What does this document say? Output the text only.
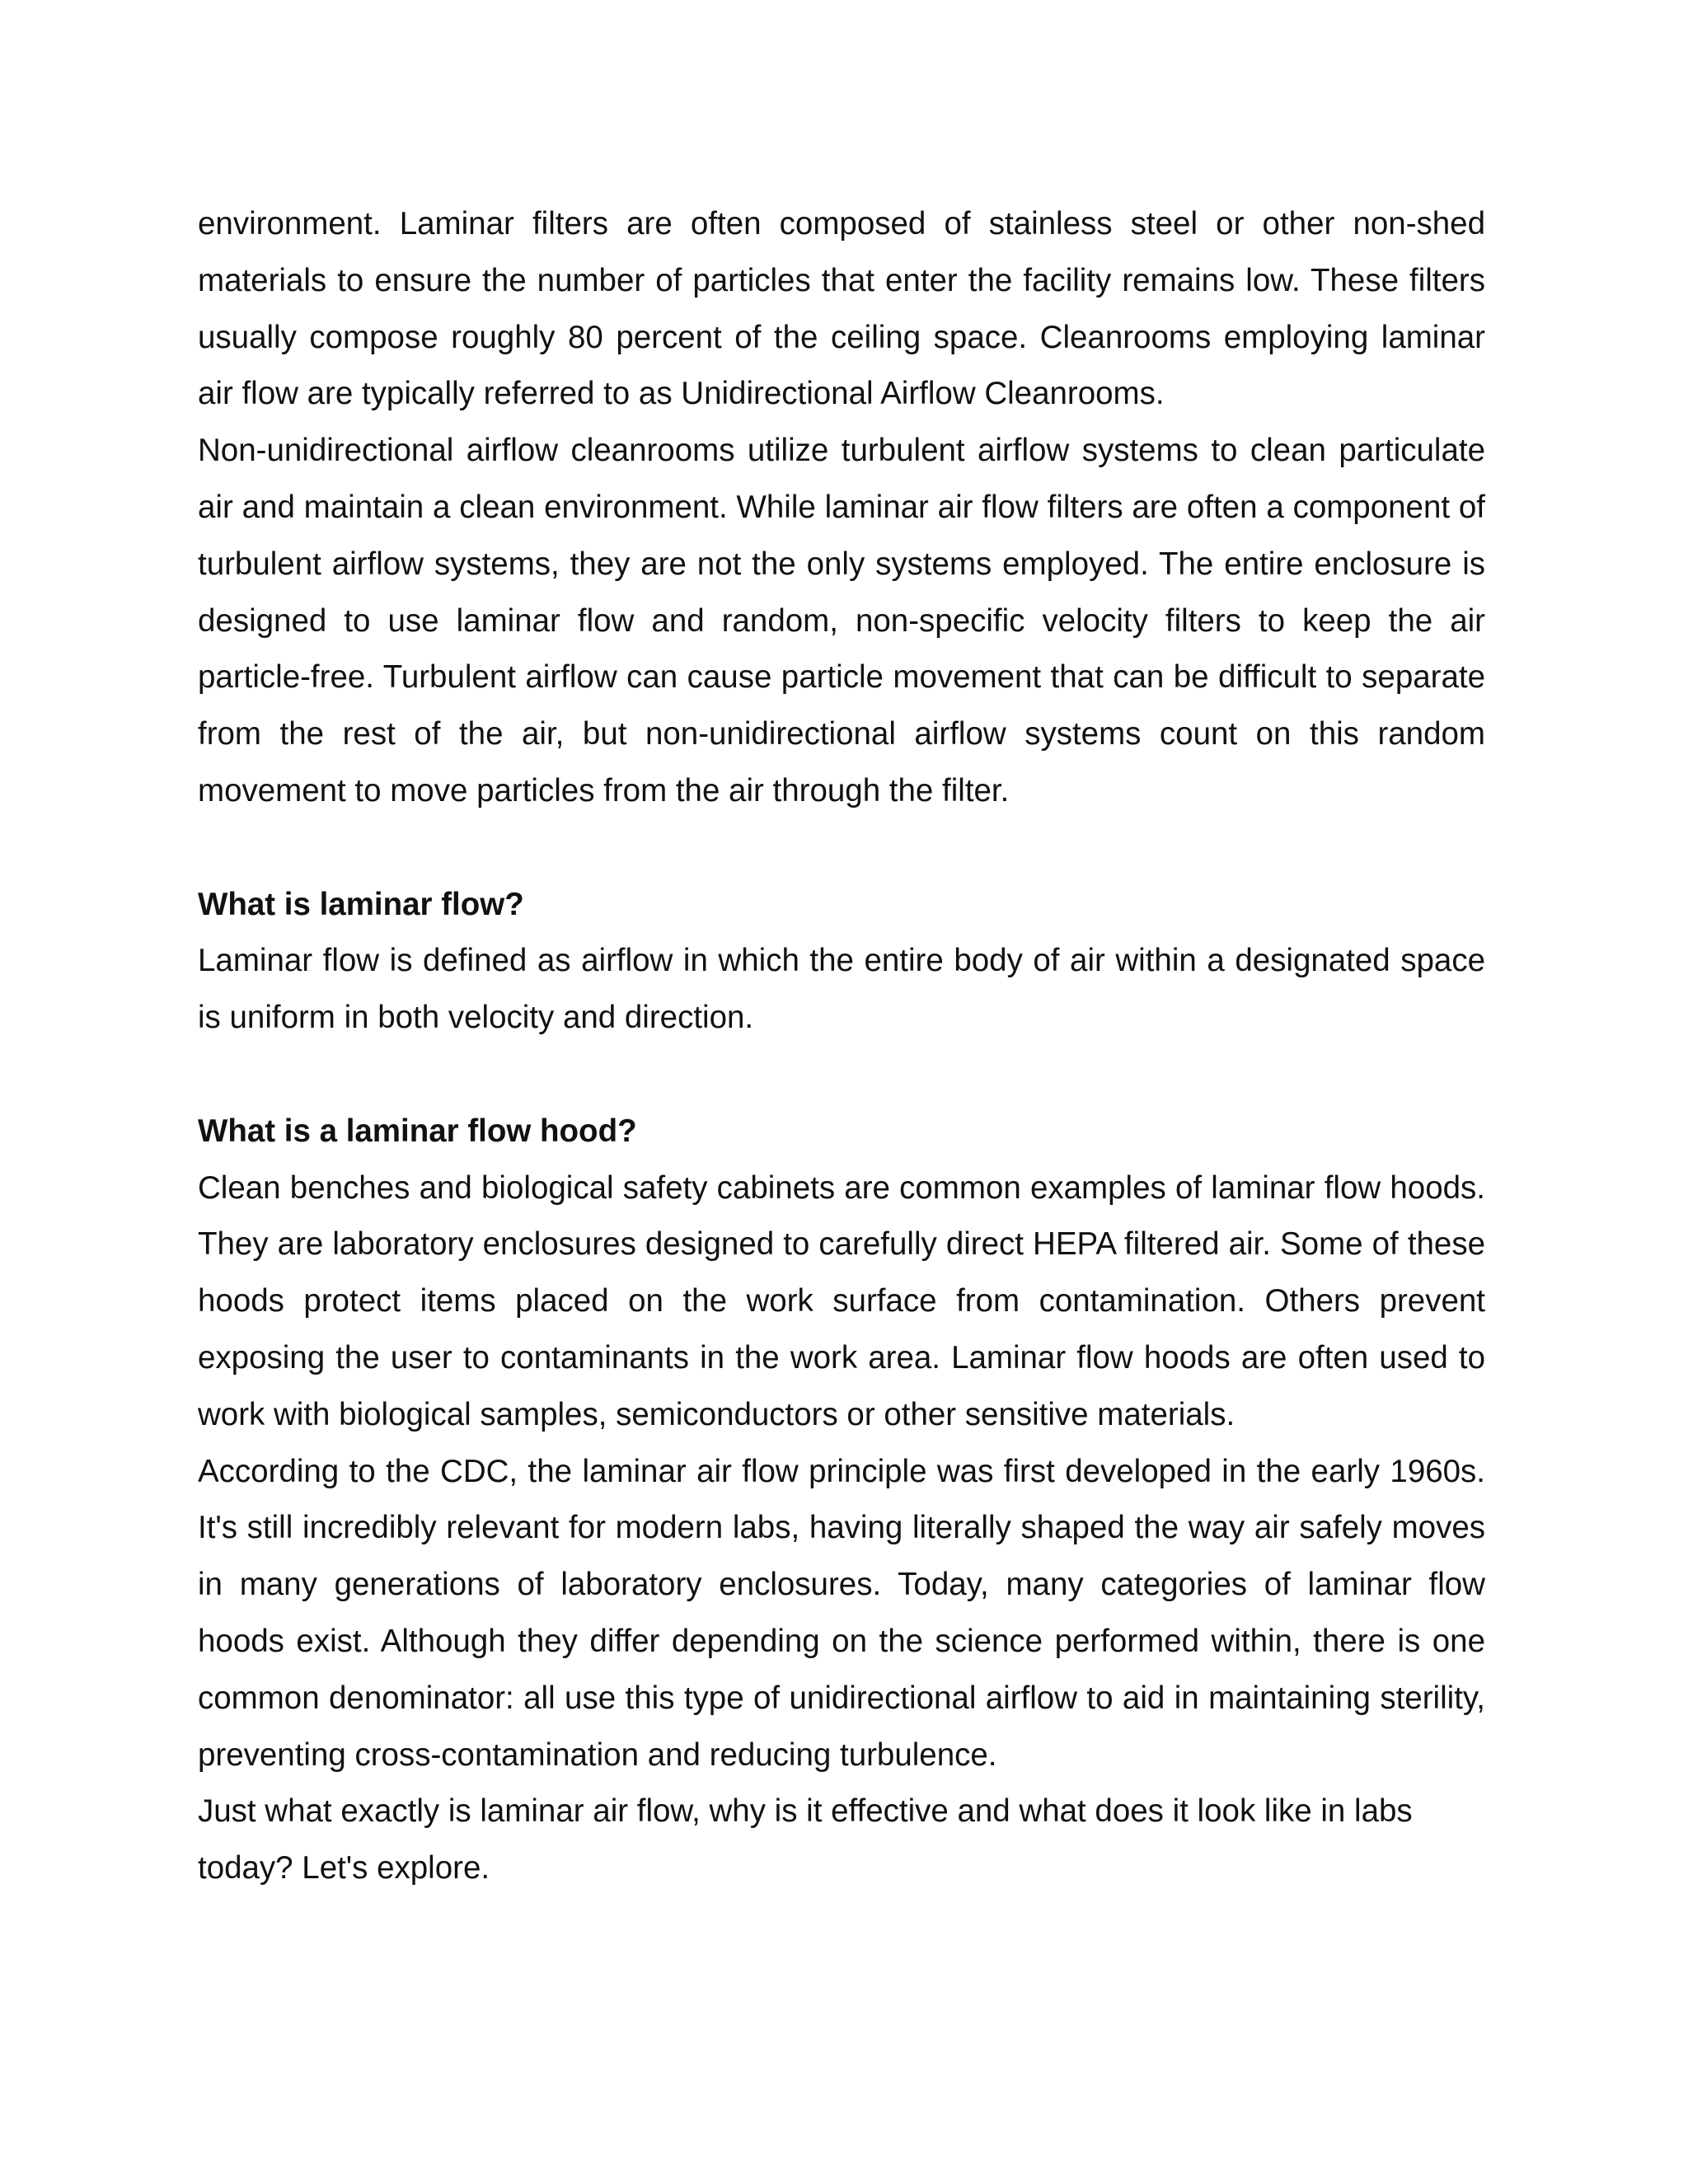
environment. Laminar filters are often composed of stainless steel or other non-shed materials to ensure the number of particles that enter the facility remains low. These filters usually compose roughly 80 percent of the ceiling space. Cleanrooms employing laminar air flow are typically referred to as Unidirectional Airflow Cleanrooms.

Non-unidirectional airflow cleanrooms utilize turbulent airflow systems to clean particulate air and maintain a clean environment. While laminar air flow filters are often a component of turbulent airflow systems, they are not the only systems employed. The entire enclosure is designed to use laminar flow and random, non-specific velocity filters to keep the air particle-free. Turbulent airflow can cause particle movement that can be difficult to separate from the rest of the air, but non-unidirectional airflow systems count on this random movement to move particles from the air through the filter.

What is laminar flow?

Laminar flow is defined as airflow in which the entire body of air within a designated space is uniform in both velocity and direction.

What is a laminar flow hood?

Clean benches and biological safety cabinets are common examples of laminar flow hoods. They are laboratory enclosures designed to carefully direct HEPA filtered air. Some of these hoods protect items placed on the work surface from contamination. Others prevent exposing the user to contaminants in the work area. Laminar flow hoods are often used to work with biological samples, semiconductors or other sensitive materials.

According to the CDC, the laminar air flow principle was first developed in the early 1960s. It's still incredibly relevant for modern labs, having literally shaped the way air safely moves in many generations of laboratory enclosures. Today, many categories of laminar flow hoods exist. Although they differ depending on the science performed within, there is one common denominator: all use this type of unidirectional airflow to aid in maintaining sterility, preventing cross-contamination and reducing turbulence.

Just what exactly is laminar air flow, why is it effective and what does it look like in labs today? Let's explore.
